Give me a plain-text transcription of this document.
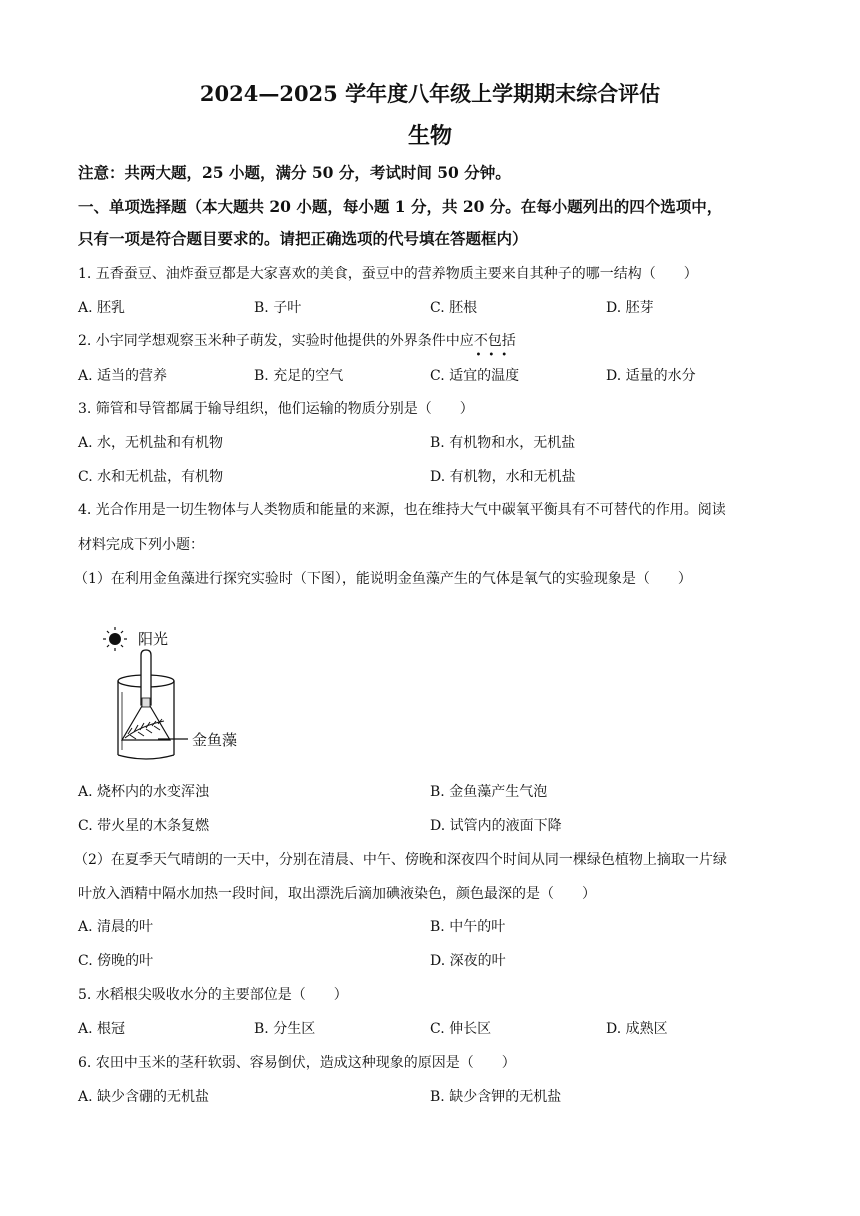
2024—2025 学年度八年级上学期期末综合评估
生物
注意：共两大题，25 小题，满分 50 分，考试时间 50 分钟。
一、单项选择题（本大题共 20 小题，每小题 1 分，共 20 分。在每小题列出的四个选项中，
只有一项是符合题目要求的。请把正确选项的代号填在答题框内）
1. 五香蚕豆、油炸蚕豆都是大家喜欢的美食，蚕豆中的营养物质主要来自其种子的哪一结构（　　）
A. 胚乳	B. 子叶	C. 胚根	D. 胚芽
2. 小宇同学想观察玉米种子萌发，实验时他提供的外界条件中应不包括
•••
A. 适当的营养	B. 充足的空气	C. 适宜的温度	D. 适量的水分
3. 筛管和导管都属于输导组织，他们运输的物质分别是（　　）
A. 水，无机盐和有机物	B. 有机物和水，无机盐
C. 水和无机盐，有机物	D. 有机物，水和无机盐
4. 光合作用是一切生物体与人类物质和能量的来源，也在维持大气中碳氧平衡具有不可替代的作用。阅读
材料完成下列小题：
（1）在利用金鱼藻进行探究实验时（下图），能说明金鱼藻产生的气体是氧气的实验现象是（　　）
阳光
金鱼藻
A. 烧杯内的水变浑浊	B. 金鱼藻产生气泡
C. 带火星的木条复燃	D. 试管内的液面下降
（2）在夏季天气晴朗的一天中，分别在清晨、中午、傍晚和深夜四个时间从同一棵绿色植物上摘取一片绿
叶放入酒精中隔水加热一段时间，取出漂洗后滴加碘液染色，颜色最深的是（　　）
A. 清晨的叶	B. 中午的叶
C. 傍晚的叶	D. 深夜的叶
5. 水稻根尖吸收水分的主要部位是（　　）
A. 根冠	B. 分生区	C. 伸长区	D. 成熟区
6. 农田中玉米的茎秆软弱、容易倒伏，造成这种现象的原因是（　　）
A. 缺少含硼的无机盐	B. 缺少含钾的无机盐
